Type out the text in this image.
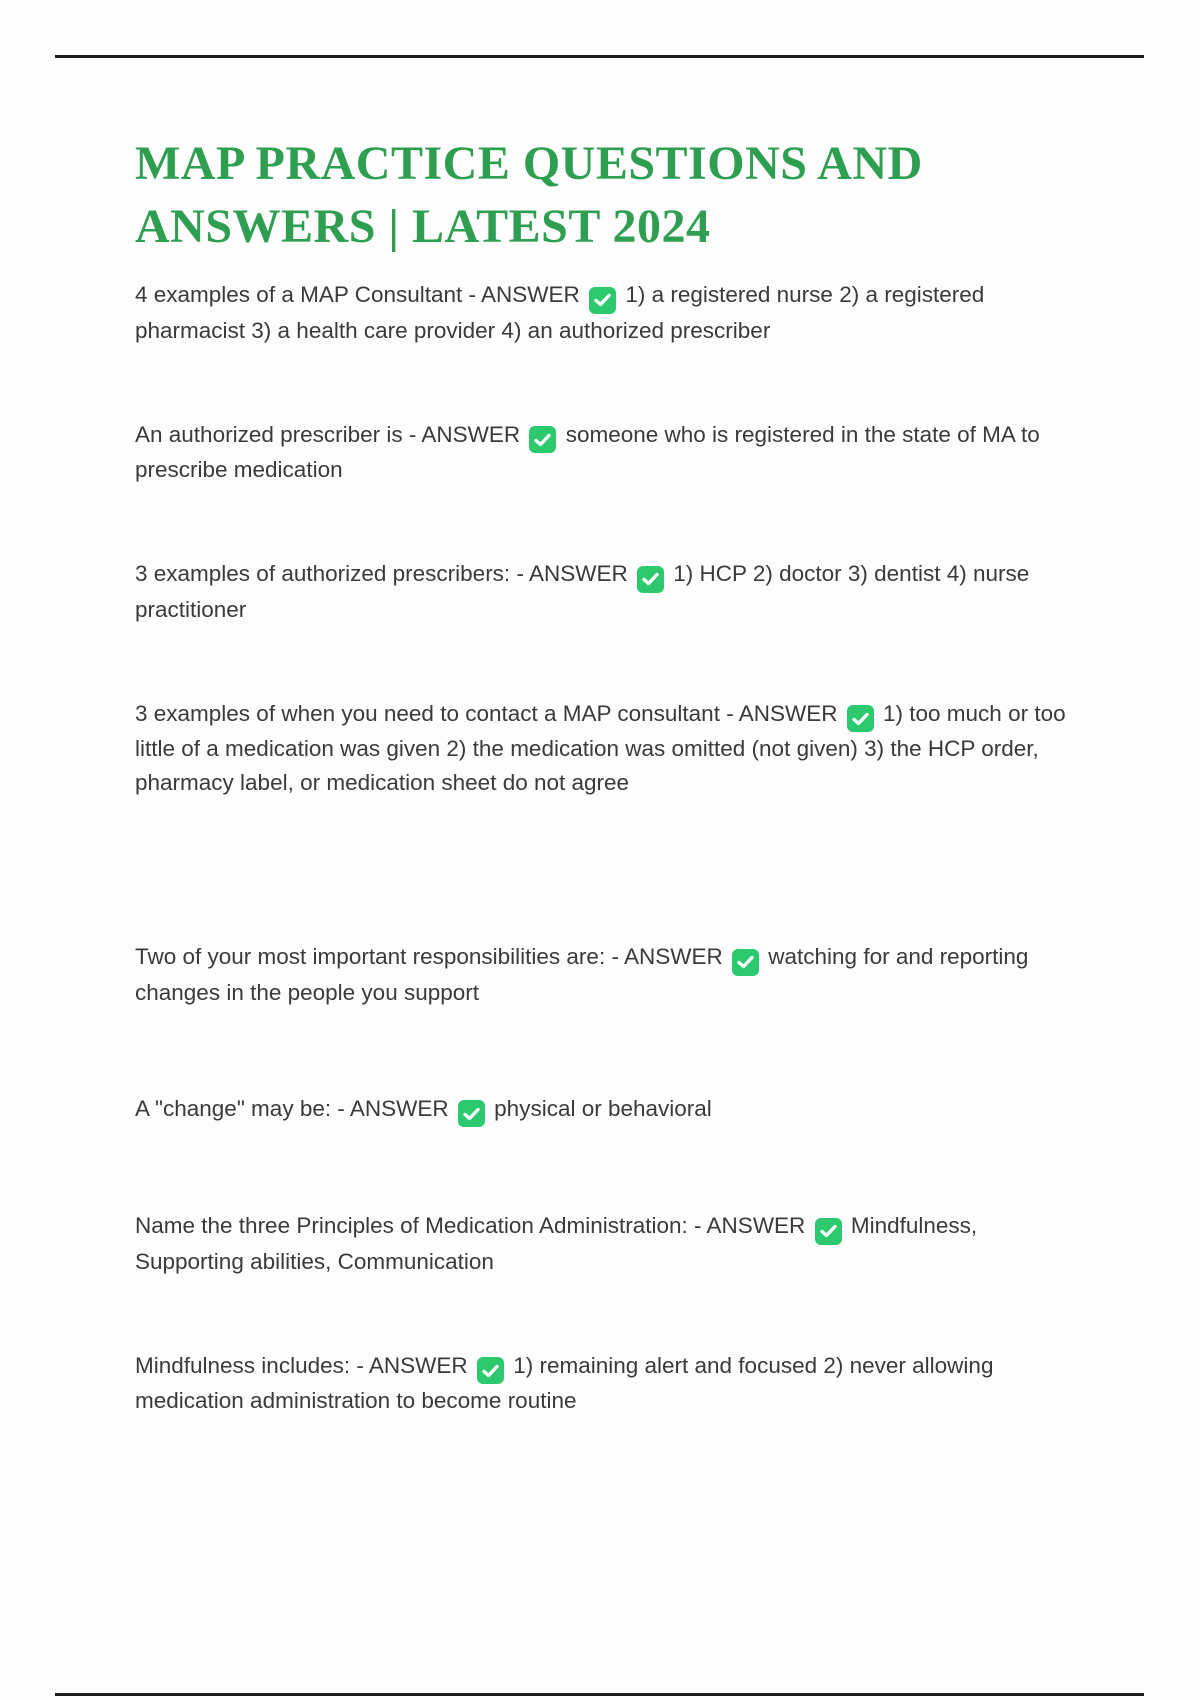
MAP PRACTICE QUESTIONS AND
ANSWERS | LATEST 2024

4 examples of a MAP Consultant - ANSWER 1) a registered nurse 2) a registered pharmacist 3) a health care provider 4) an authorized prescriber

An authorized prescriber is - ANSWER someone who is registered in the state of MA to prescribe medication

3 examples of authorized prescribers: - ANSWER 1) HCP 2) doctor 3) dentist 4) nurse practitioner

3 examples of when you need to contact a MAP consultant - ANSWER 1) too much or too little of a medication was given 2) the medication was omitted (not given) 3) the HCP order, pharmacy label, or medication sheet do not agree

Two of your most important responsibilities are: - ANSWER watching for and reporting changes in the people you support

A "change" may be: - ANSWER physical or behavioral

Name the three Principles of Medication Administration: - ANSWER Mindfulness, Supporting abilities, Communication

Mindfulness includes: - ANSWER 1) remaining alert and focused 2) never allowing medication administration to become routine
